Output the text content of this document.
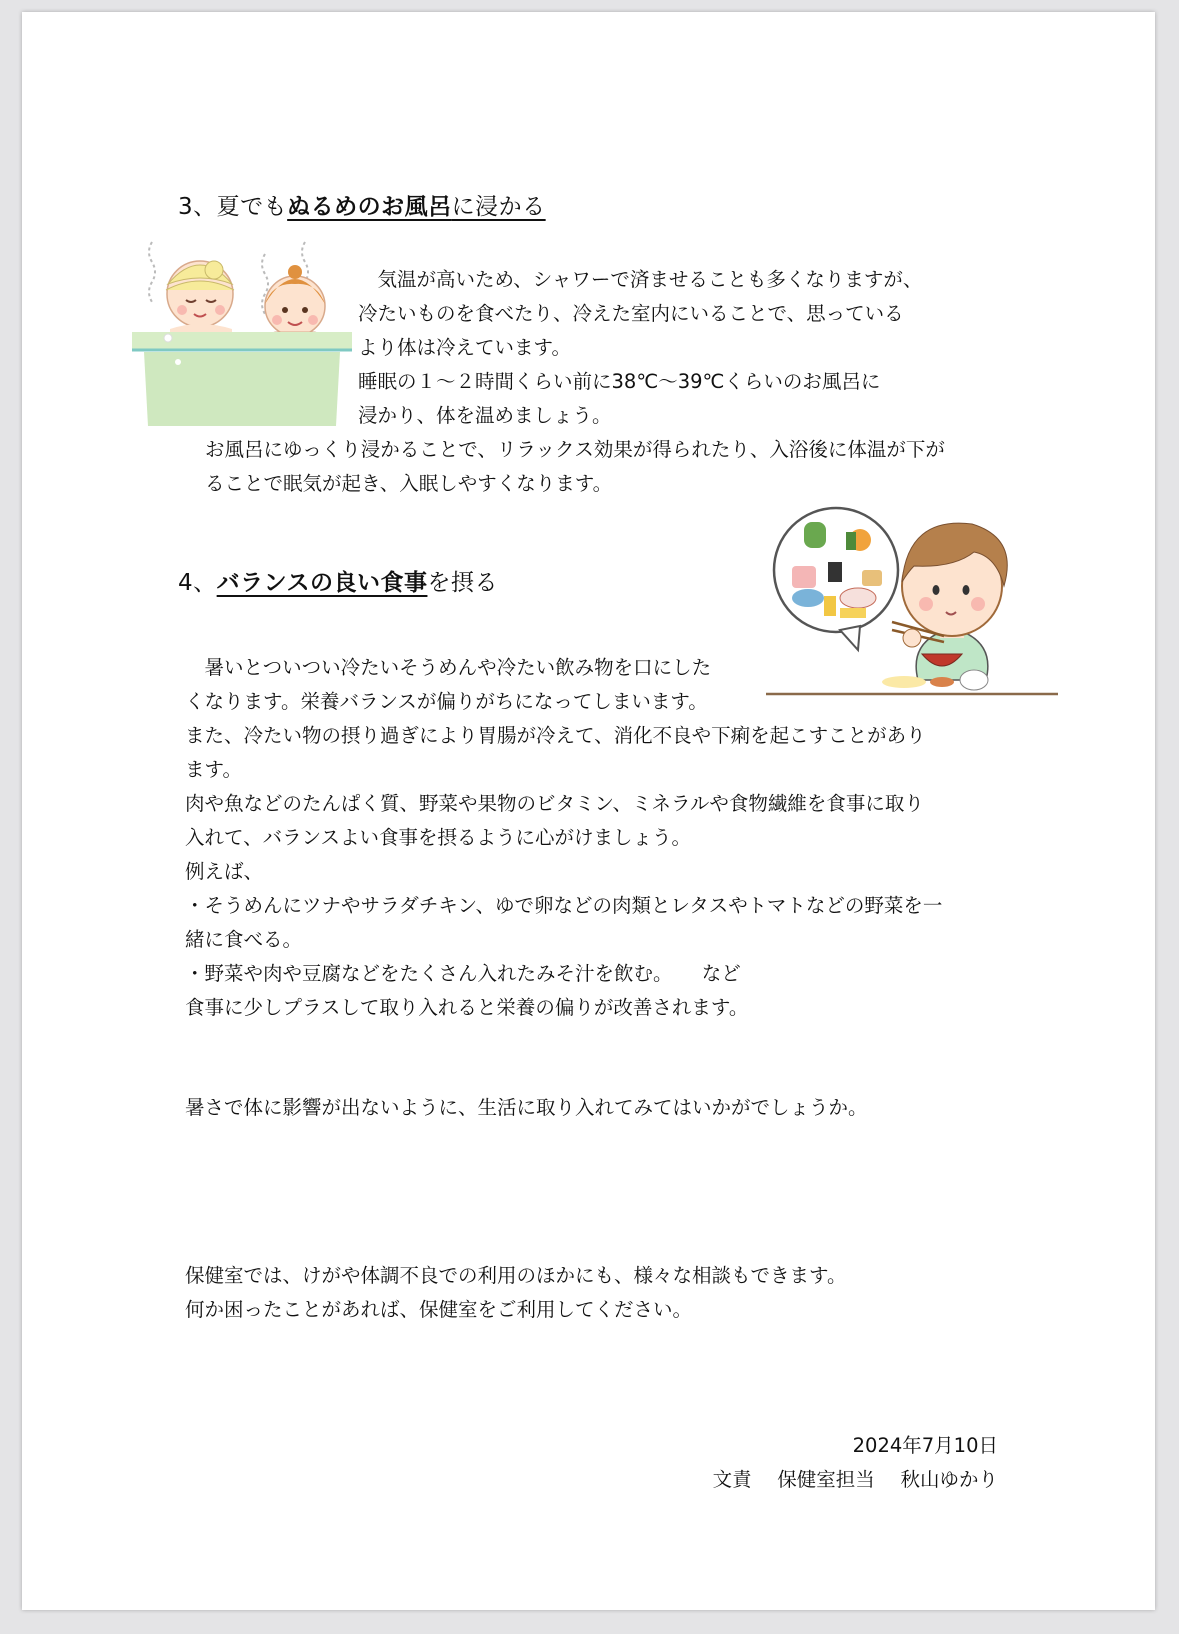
3、夏でもぬるめのお風呂に浸かる
　気温が高いため、シャワーで済ませることも多くなりますが、
冷たいものを食べたり、冷えた室内にいることで、思っている
より体は冷えています。
睡眠の１～２時間くらい前に38℃～39℃くらいのお風呂に
浸かり、体を温めましょう。
お風呂にゆっくり浸かることで、リラックス効果が得られたり、入浴後に体温が下が
ることで眠気が起き、入眠しやすくなります。
4、バランスの良い食事を摂る
　暑いとついつい冷たいそうめんや冷たい飲み物を口にした
くなります。栄養バランスが偏りがちになってしまいます。
また、冷たい物の摂り過ぎにより胃腸が冷えて、消化不良や下痢を起こすことがあり
ます。
肉や魚などのたんぱく質、野菜や果物のビタミン、ミネラルや食物繊維を食事に取り
入れて、バランスよい食事を摂るように心がけましょう。
例えば、
・そうめんにツナやサラダチキン、ゆで卵などの肉類とレタスやトマトなどの野菜を一
緒に食べる。
・野菜や肉や豆腐などをたくさん入れたみそ汁を飲む。　　など
食事に少しプラスして取り入れると栄養の偏りが改善されます。
暑さで体に影響が出ないように、生活に取り入れてみてはいかがでしょうか。
保健室では、けがや体調不良での利用のほかにも、様々な相談もできます。
何か困ったことがあれば、保健室をご利用してください。
2024年7月10日
文責　 保健室担当 　秋山ゆかり
